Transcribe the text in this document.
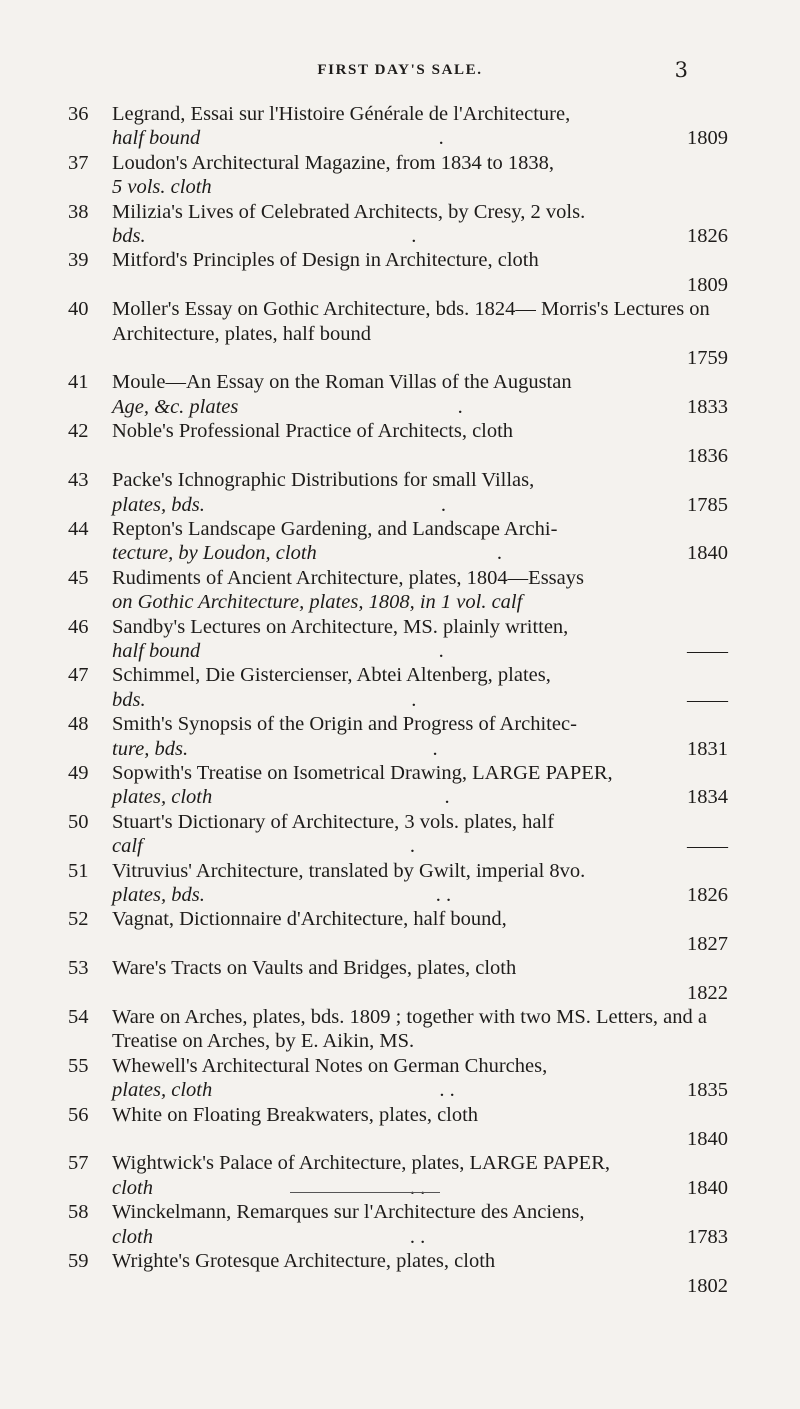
FIRST DAY'S SALE.	3
36	Legrand, Essai sur l'Histoire Générale de l'Architecture,
half bound	.	1809
37	Loudon's Architectural Magazine, from 1834 to 1838,
5 vols. cloth
38	Milizia's Lives of Celebrated Architects, by Cresy, 2 vols.
bds.	.	1826
39	Mitford's Principles of Design in Architecture, cloth
1809
40	Moller's Essay on Gothic Architecture, bds. 1824— Morris's Lectures on Architecture, plates, half bound
1759
41	Moule—An Essay on the Roman Villas of the Augustan
Age, &c. plates	.	1833
42	Noble's Professional Practice of Architects, cloth
1836
43	Packe's Ichnographic Distributions for small Villas,
plates, bds.	.	1785
44	Repton's Landscape Gardening, and Landscape Archi-
tecture, by Loudon, cloth	.	1840
45	Rudiments of Ancient Architecture, plates, 1804—Essays
on Gothic Architecture, plates, 1808, in 1 vol. calf
46	Sandby's Lectures on Architecture, MS. plainly written,
half bound	.	——
47	Schimmel, Die Gistercienser, Abtei Altenberg, plates,
bds.	.	——
48	Smith's Synopsis of the Origin and Progress of Architec-
ture, bds.	.	1831
49	Sopwith's Treatise on Isometrical Drawing, LARGE PAPER,
plates, cloth	.	1834
50	Stuart's Dictionary of Architecture, 3 vols. plates, half
calf	.	——
51	Vitruvius' Architecture, translated by Gwilt, imperial 8vo.
plates, bds.	. .	1826
52	Vagnat, Dictionnaire d'Architecture, half bound,
1827
53	Ware's Tracts on Vaults and Bridges, plates, cloth
1822
54	Ware on Arches, plates, bds. 1809 ; together with two MS. Letters, and a Treatise on Arches, by E. Aikin, MS.
55	Whewell's Architectural Notes on German Churches,
plates, cloth	. .	1835
56	White on Floating Breakwaters, plates, cloth
1840
57	Wightwick's Palace of Architecture, plates, LARGE PAPER,
cloth	. .	1840
58	Winckelmann, Remarques sur l'Architecture des Anciens,
cloth	. .	1783
59	Wrighte's Grotesque Architecture, plates, cloth
1802
